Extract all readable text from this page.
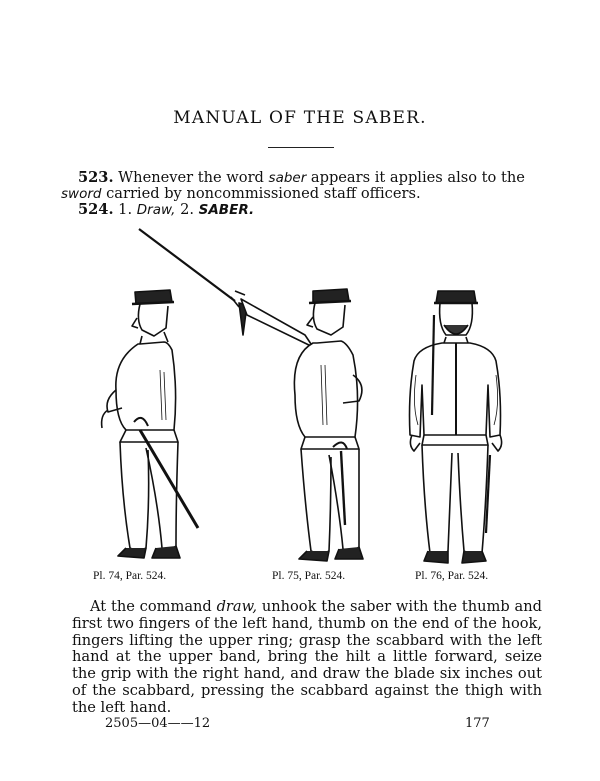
MANUAL OF THE SABER.
523. Whenever the word saber appears it applies also to the
sword carried by noncommissioned staff officers.
524. 1. Draw, 2. SABER.
Pl. 74, Par. 524.	Pl. 75, Par. 524.	Pl. 76, Par. 524.
At the command draw, unhook the saber with the thumb and first two fingers of the left hand, thumb on the end of the hook, fingers lifting the upper ring; grasp the scabbard with the left hand at the upper band, bring the hilt a little forward, seize the grip with the right hand, and draw the blade six inches out of the scabbard, pressing the scabbard against the thigh with the left hand.
2505—04——12	177
